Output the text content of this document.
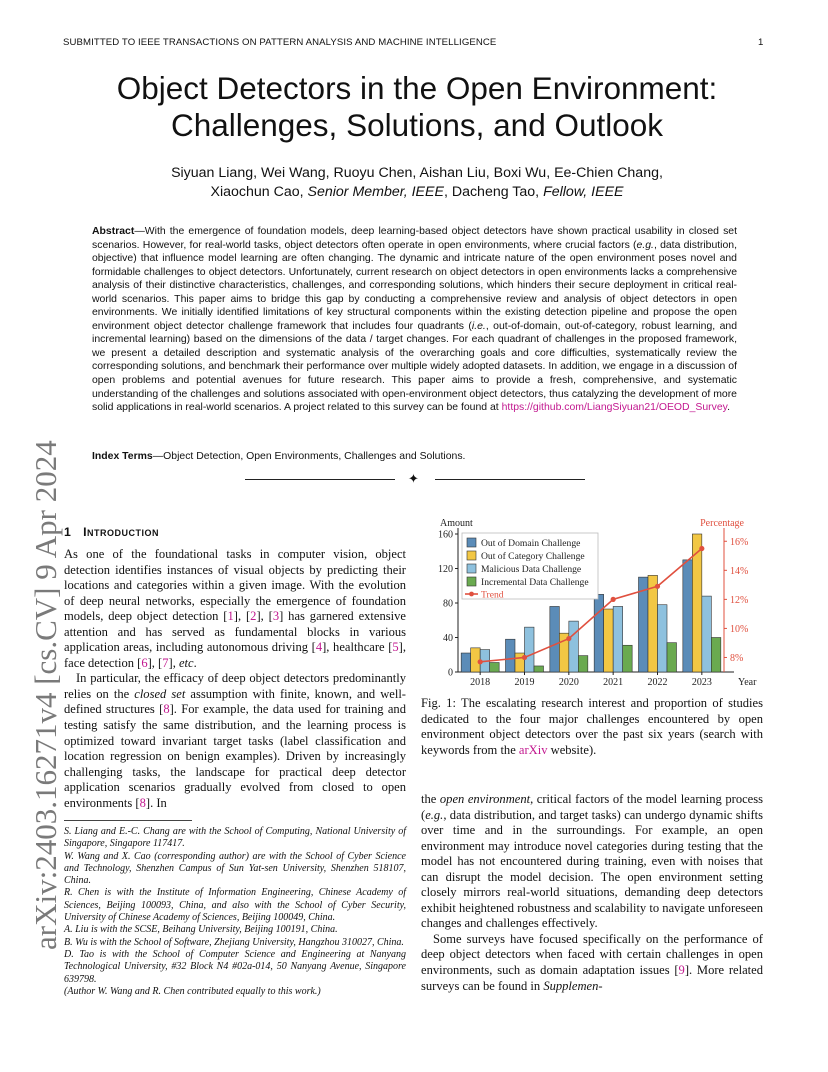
SUBMITTED TO IEEE TRANSACTIONS ON PATTERN ANALYSIS AND MACHINE INTELLIGENCE	1
Object Detectors in the Open Environment:
Challenges, Solutions, and Outlook
Siyuan Liang, Wei Wang, Ruoyu Chen, Aishan Liu, Boxi Wu, Ee-Chien Chang,
Xiaochun Cao, Senior Member, IEEE, Dacheng Tao, Fellow, IEEE
Abstract—With the emergence of foundation models, deep learning-based object detectors have shown practical usability in closed set scenarios. However, for real-world tasks, object detectors often operate in open environments, where crucial factors (e.g., data distribution, objective) that influence model learning are often changing. The dynamic and intricate nature of the open environment poses novel and formidable challenges to object detectors. Unfortunately, current research on object detectors in open environments lacks a comprehensive analysis of their distinctive characteristics, challenges, and corresponding solutions, which hinders their secure deployment in critical real-world scenarios. This paper aims to bridge this gap by conducting a comprehensive review and analysis of object detectors in open environments. We initially identified limitations of key structural components within the existing detection pipeline and propose the open environment object detector challenge framework that includes four quadrants (i.e., out-of-domain, out-of-category, robust learning, and incremental learning) based on the dimensions of the data / target changes. For each quadrant of challenges in the proposed framework, we present a detailed description and systematic analysis of the overarching goals and core difficulties, systematically review the corresponding solutions, and benchmark their performance over multiple widely adopted datasets. In addition, we engage in a discussion of open problems and potential avenues for future research. This paper aims to provide a fresh, comprehensive, and systematic understanding of the challenges and solutions associated with open-environment object detectors, thus catalyzing the development of more solid applications in real-world scenarios. A project related to this survey can be found at https://github.com/LiangSiyuan21/OEOD_Survey.
Index Terms—Object Detection, Open Environments, Challenges and Solutions.
✦
arXiv:2403.16271v4 [cs.CV] 9 Apr 2024 1 Introduction

As one of the foundational tasks in computer vision, object detection identifies instances of visual objects by predicting their locations and categories within a given image. With the evolution of deep neural networks, especially the emergence of foundation models, deep object detection [1], [2], [3] has garnered extensive attention and has served as fundamental blocks in various application areas, including autonomous driving [4], healthcare [5], face detection [6], [7], etc.

In particular, the efficacy of deep object detectors predominantly relies on the closed set assumption with finite, known, and well-defined structures [8]. For example, the data used for training and testing satisfy the same distribution, and the learning process is optimized toward invariant target tasks (label classification and location regression on benign examples). Driven by increasingly challenging tasks, the landscape for practical deep detector application scenarios gradually evolved from closed to open environments [8]. In

S. Liang and E.-C. Chang are with the School of Computing, National University of Singapore, Singapore 117417.

W. Wang and X. Cao (corresponding author) are with the School of Cyber Science and Technology, Shenzhen Campus of Sun Yat-sen University, Shenzhen 518107, China.

R. Chen is with the Institute of Information Engineering, Chinese Academy of Sciences, Beijing 100093, China, and also with the School of Cyber Security, University of Chinese Academy of Sciences, Beijing 100049, China.

A. Liu is with the SCSE, Beihang University, Beijing 100191, China.

B. Wu is with the School of Software, Zhejiang University, Hangzhou 310027, China.

D. Tao is with the School of Computer Science and Engineering at Nanyang Technological University, #32 Block N4 #02a-014, 50 Nanyang Avenue, Singapore 639798.

(Author W. Wang and R. Chen contributed equally to this work.)

0
40
80
120
160
8%
10%
12%
14%
16%
Amount	Percentage
Year
2018 2019 2020 2021 2022 2023
Out of Domain Challenge
Out of Category Challenge
Malicious Data Challenge
Incremental Data Challenge
Trend
Fig. 1: The escalating research interest and proportion of studies dedicated to the four major challenges encountered by open environment object detectors over the past six years (search with keywords from the arXiv website).

the open environment, critical factors of the model learning process (e.g., data distribution, and target tasks) can undergo dynamic shifts over time and in the surroundings. For example, an open environment may introduce novel categories during testing that the model has not encountered during training, even with noises that can disrupt the model decision. The open environment setting closely mirrors real-world situations, demanding deep detectors exhibit heightened robustness and scalability to navigate unforeseen changes and challenges effectively.

Some surveys have focused specifically on the performance of deep object detectors when faced with certain challenges in open environments, such as domain adaptation issues [9]. More related surveys can be found in Supplemen-
